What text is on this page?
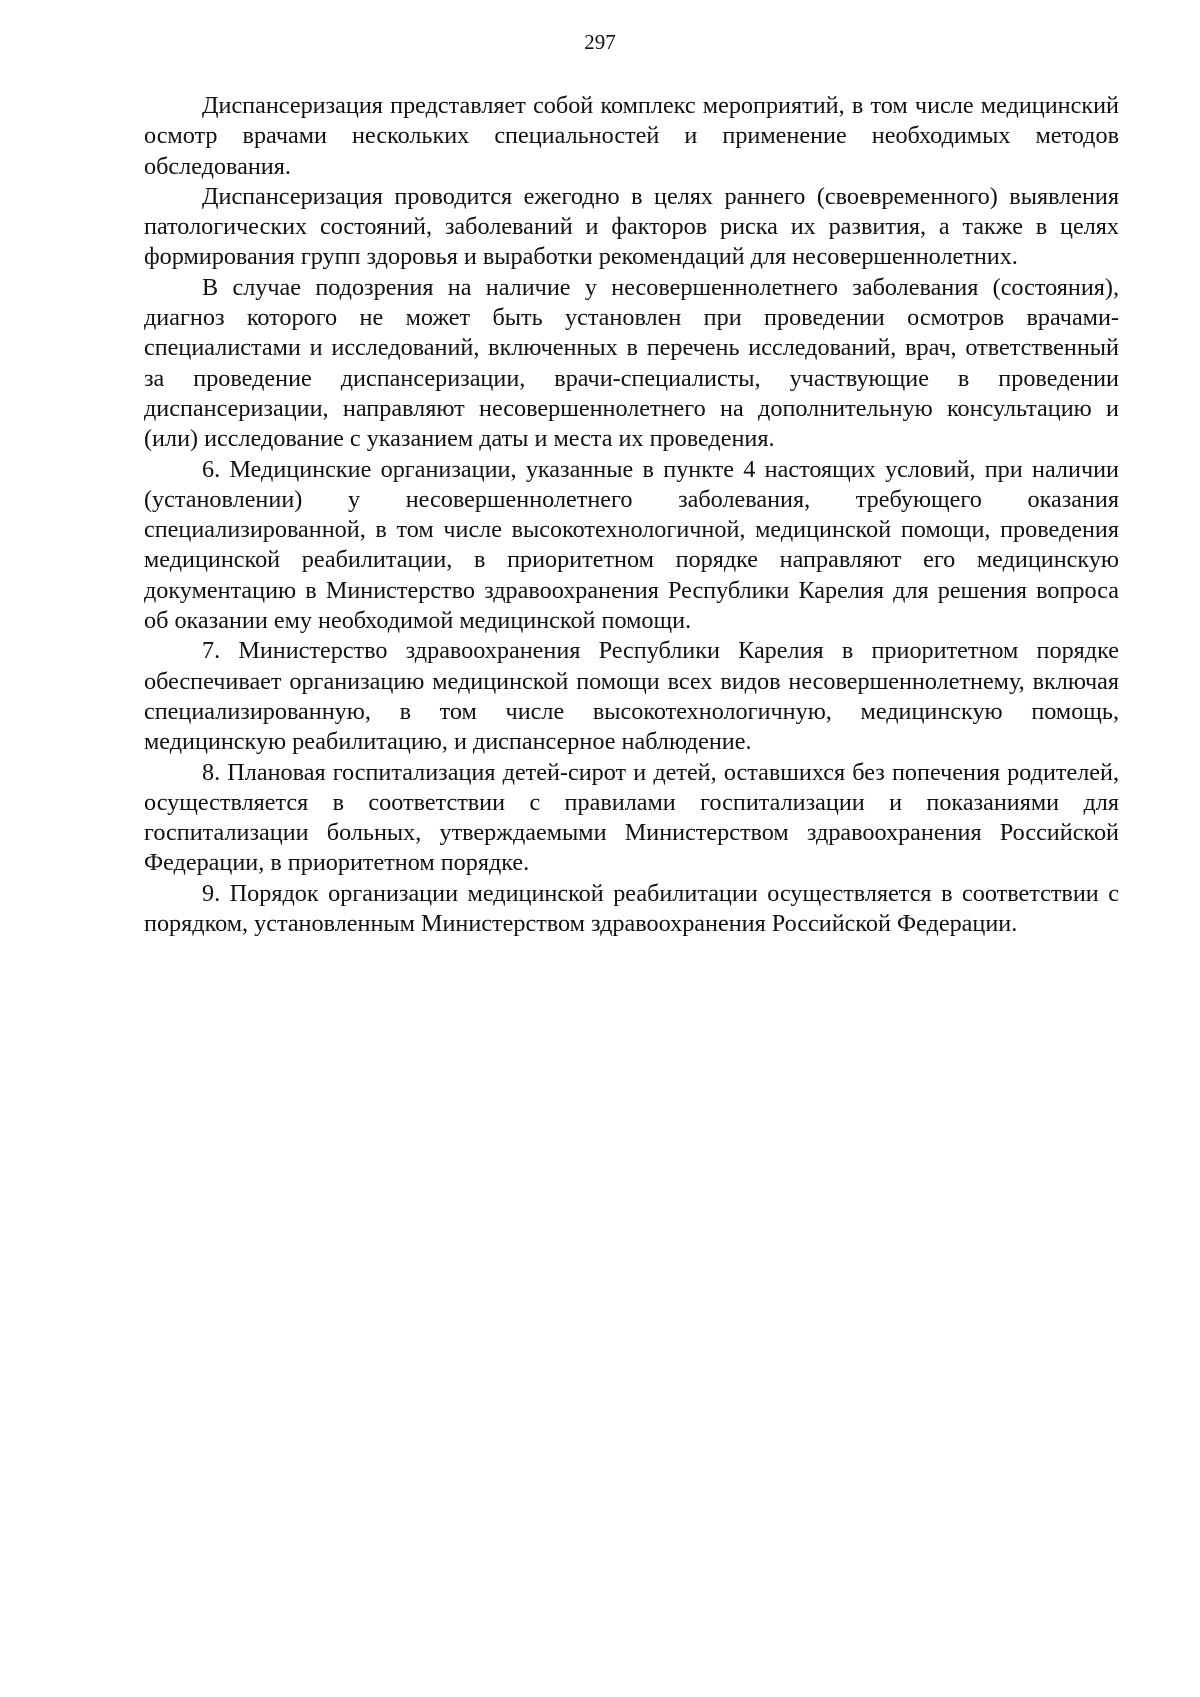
297

Диспансеризация представляет собой комплекс мероприятий, в том числе медицинский осмотр врачами нескольких специальностей и применение необходимых методов обследования.

Диспансеризация проводится ежегодно в целях раннего (своевременного) выявления патологических состояний, заболеваний и факторов риска их развития, а также в целях формирования групп здоровья и выработки рекомендаций для несовершеннолетних.

В случае подозрения на наличие у несовершеннолетнего заболевания (состояния), диагноз которого не может быть установлен при проведении осмотров врачами-специалистами и исследований, включенных в перечень исследований, врач, ответственный за проведение диспансеризации, врачи-специалисты, участвующие в проведении диспансеризации, направляют несовершеннолетнего на дополнительную консультацию и (или) исследование с указанием даты и места их проведения.

6. Медицинские организации, указанные в пункте 4 настоящих условий, при наличии (установлении) у несовершеннолетнего заболевания, требующего оказания специализированной, в том числе высокотехнологичной, медицинской помощи, проведения медицинской реабилитации, в приоритетном порядке направляют его медицинскую документацию в Министерство здравоохранения Республики Карелия для решения вопроса об оказании ему необходимой медицинской помощи.

7. Министерство здравоохранения Республики Карелия в приоритетном порядке обеспечивает организацию медицинской помощи всех видов несовершеннолетнему, включая специализированную, в том числе высокотехнологичную, медицинскую помощь, медицинскую реабилитацию, и диспансерное наблюдение.

8. Плановая госпитализация детей-сирот и детей, оставшихся без попечения родителей, осуществляется в соответствии с правилами госпитализации и показаниями для госпитализации больных, утверждаемыми Министерством здравоохранения Российской Федерации, в приоритетном порядке.

9. Порядок организации медицинской реабилитации осуществляется в соответствии с порядком, установленным Министерством здравоохранения Российской Федерации.
